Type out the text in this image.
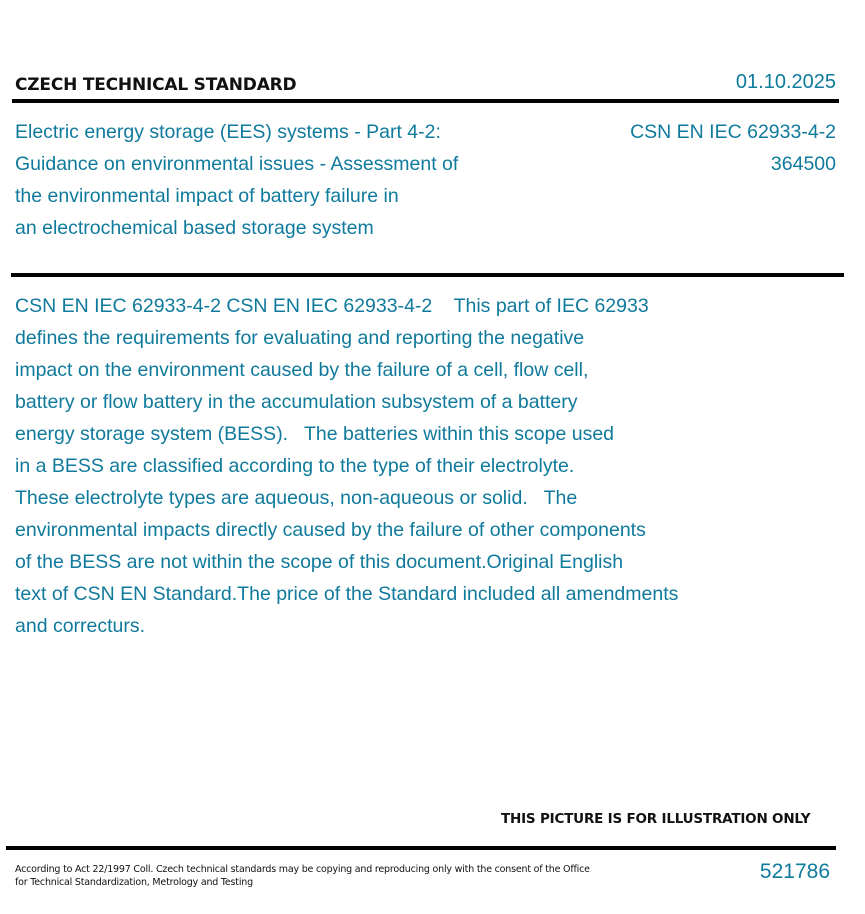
CZECH TECHNICAL STANDARD	01.10.2025
Electric energy storage (EES) systems - Part 4-2:
Guidance on environmental issues - Assessment of
the environmental impact of battery failure in
an electrochemical based storage system
CSN EN IEC 62933-4-2
364500
CSN EN IEC 62933-4-2 CSN EN IEC 62933-4-2    This part of IEC 62933
defines the requirements for evaluating and reporting the negative
impact on the environment caused by the failure of a cell, flow cell,
battery or flow battery in the accumulation subsystem of a battery
energy storage system (BESS).   The batteries within this scope used
in a BESS are classified according to the type of their electrolyte.
These electrolyte types are aqueous, non-aqueous or solid.   The
environmental impacts directly caused by the failure of other components
of the BESS are not within the scope of this document.Original English
text of CSN EN Standard.The price of the Standard included all amendments
and correcturs.
THIS PICTURE IS FOR ILLUSTRATION ONLY
According to Act 22/1997 Coll. Czech technical standards may be copying and reproducing only with the consent of the Office
for Technical Standardization, Metrology and Testing	521786
